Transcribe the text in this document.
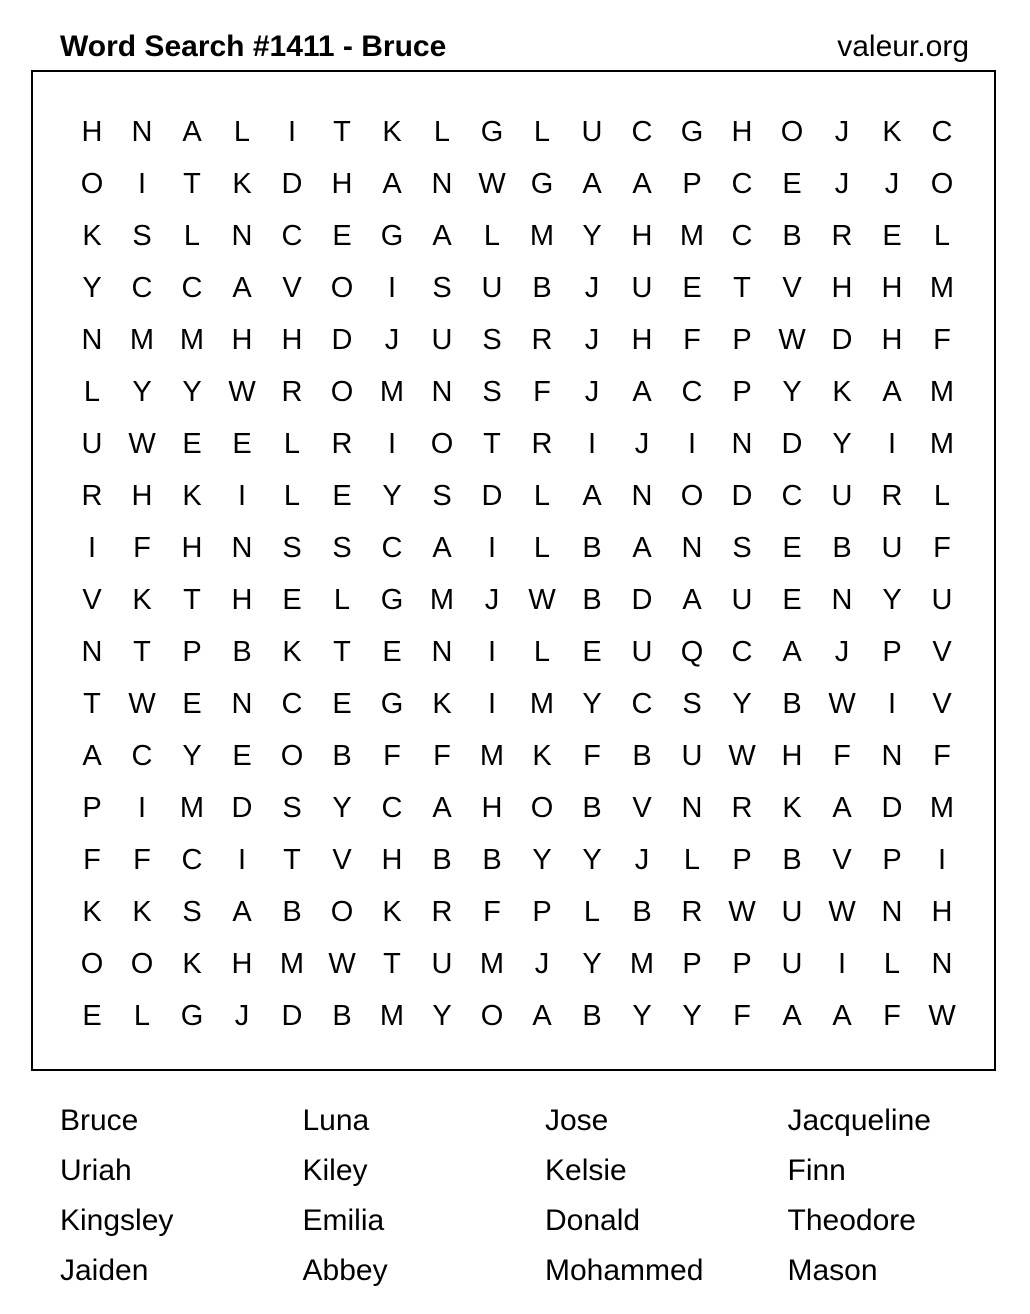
Word Search #1411 - Bruce	valeur.org
H	N	A	L	I	T	K	L	G	L	U	C G H O	J	K	C
O	I	T	K	D	H	A	N W G	A	A	P	C	E	J	J	O
K	S	L	N	C	E	G	A	L	M Y	H M C	B	R	E	L
Y	C	C	A	V	O	I	S	U	B	J	U	E	T	V	H	H M
N M M H	H	D	J	U	S	R	J	H	F	P W D	H	F
L	Y	Y W R O M N	S	F	J	A	C	P	Y	K	A M
U W E	E	L	R	I	O	T	R	I	J	I	N	D	Y	I	M
R	H	K	I	L	E	Y	S	D	L	A	N O D	C	U	R	L
I	F	H	N	S	S	C	A	I	L	B	A	N	S	E	B	U	F
V	K	T	H	E	L	G M	J	W B	D	A	U	E	N	Y	U
N	T	P	B	K	T	E	N	I	L	E	U Q C	A	J	P	V
T W E	N	C	E	G	K	I	M Y	C	S	Y	B W	I	V
A	C	Y	E	O	B	F	F	M K	F	B	U W H	F	N	F
P	I	M D	S	Y	C	A	H O	B	V	N	R	K	A	D M
F	F	C	I	T	V	H	B	B	Y	Y	J	L	P	B	V	P	I
K	K	S	A	B	O	K	R	F	P	L	B	R W U W N	H
O O	K	H M W T	U M	J	Y M P	P	U	I	L	N
E	L	G	J	D	B M Y	O	A	B	Y	Y	F	A	A	F W
Bruce	Luna	Jose	Jacqueline
Uriah	Kiley	Kelsie	Finn
Kingsley	Emilia	Donald	Theodore
Jaiden	Abbey	Mohammed	Mason
